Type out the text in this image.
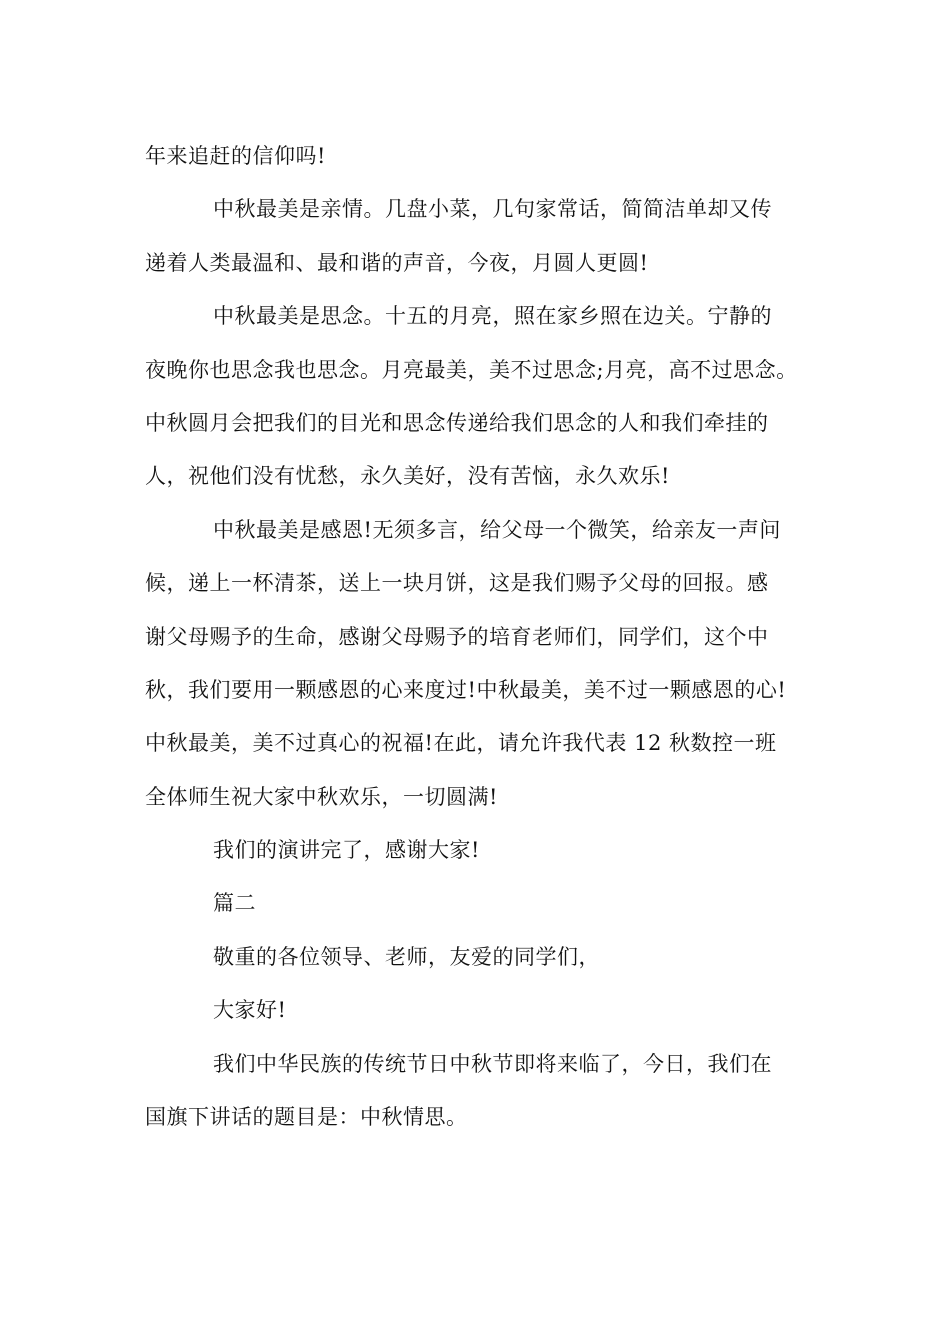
年来追赶的信仰吗!
中秋最美是亲情。几盘小菜，几句家常话，简简洁单却又传
递着人类最温和、最和谐的声音，今夜，月圆人更圆!
中秋最美是思念。十五的月亮，照在家乡照在边关。宁静的
夜晚你也思念我也思念。月亮最美，美不过思念;月亮，高不过思念。
中秋圆月会把我们的目光和思念传递给我们思念的人和我们牵挂的
人，祝他们没有忧愁，永久美好，没有苦恼，永久欢乐!
中秋最美是感恩!无须多言，给父母一个微笑，给亲友一声问
候，递上一杯清茶，送上一块月饼，这是我们赐予父母的回报。感
谢父母赐予的生命，感谢父母赐予的培育老师们，同学们，这个中
秋，我们要用一颗感恩的心来度过!中秋最美，美不过一颗感恩的心!
中秋最美，美不过真心的祝福!在此，请允许我代表 12 秋数控一班
全体师生祝大家中秋欢乐，一切圆满!
我们的演讲完了，感谢大家!
篇二
敬重的各位领导、老师，友爱的同学们，
大家好!
我们中华民族的传统节日中秋节即将来临了，今日，我们在
国旗下讲话的题目是：中秋情思。
